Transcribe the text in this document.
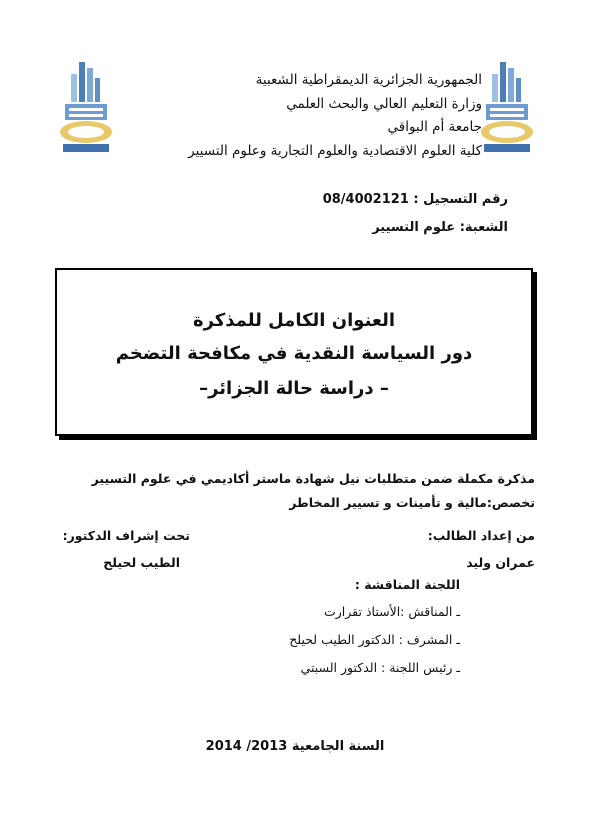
الجمهورية الجزائرية الديمقراطية الشعبية
وزارة التعليم العالي والبحث العلمي
جامعة أم البواقي
كلية العلوم الاقتصادية والعلوم التجارية وعلوم التسيير
رقم التسجيل : 08/4002121
الشعبة: علوم التسيير
العنوان الكامل للمذكرة
دور السياسة النقدية في مكافحة التضخم
– دراسة حالة الجزائر–
مذكرة مكملة ضمن متطلبات نيل شهادة ماستر أكاديمي في علوم التسيير
تخصص:مالية و تأمينات و تسيير المخاطر
من إعداد الطالب:
تحت إشراف الدكتور:
عمران وليد
الطيب لحيلح
اللجنة المناقشة :
ـ المناقش :الأستاذ تقرارت
ـ المشرف : الدكتور الطيب لحيلح
ـ رئيس اللجنة : الدكتور السبتي
السنة الجامعية 2013/ 2014
